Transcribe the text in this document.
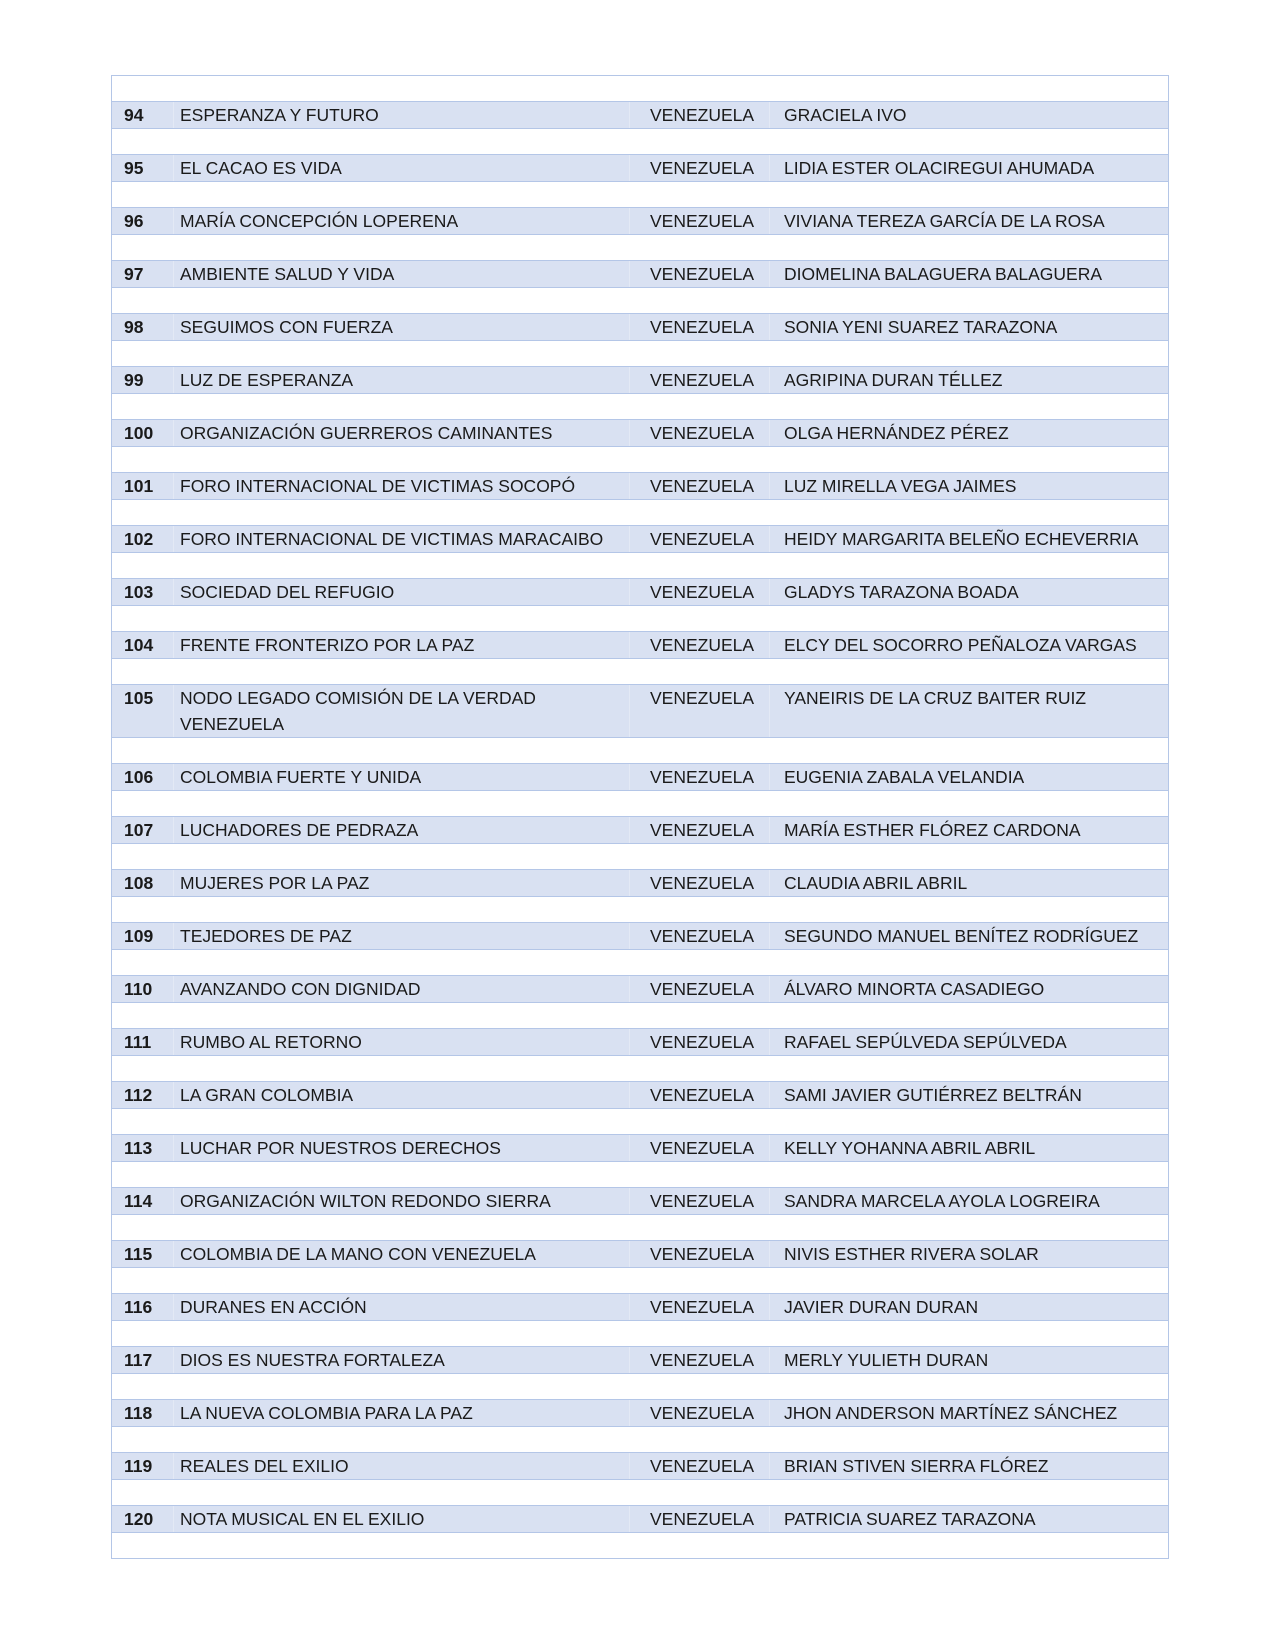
94	ESPERANZA Y FUTURO	VENEZUELA	GRACIELA IVO

95	EL CACAO ES VIDA	VENEZUELA	LIDIA ESTER OLACIREGUI AHUMADA

96	MARÍA CONCEPCIÓN LOPERENA	VENEZUELA	VIVIANA TEREZA GARCÍA DE LA ROSA

97	AMBIENTE SALUD Y VIDA	VENEZUELA	DIOMELINA BALAGUERA BALAGUERA

98	SEGUIMOS CON FUERZA	VENEZUELA	SONIA YENI SUAREZ TARAZONA

99	LUZ DE ESPERANZA	VENEZUELA	AGRIPINA DURAN TÉLLEZ

100	ORGANIZACIÓN GUERREROS CAMINANTES	VENEZUELA	OLGA HERNÁNDEZ PÉREZ

101	FORO INTERNACIONAL DE VICTIMAS SOCOPÓ	VENEZUELA	LUZ MIRELLA VEGA JAIMES

102	FORO INTERNACIONAL DE VICTIMAS MARACAIBO	VENEZUELA	HEIDY MARGARITA BELEÑO ECHEVERRIA

103	SOCIEDAD DEL REFUGIO	VENEZUELA	GLADYS TARAZONA BOADA

104	FRENTE FRONTERIZO POR LA PAZ	VENEZUELA	ELCY DEL SOCORRO PEÑALOZA VARGAS

105	NODO LEGADO COMISIÓN DE LA VERDAD VENEZUELA	VENEZUELA	YANEIRIS DE LA CRUZ BAITER RUIZ

106	COLOMBIA FUERTE Y UNIDA	VENEZUELA	EUGENIA ZABALA VELANDIA

107	LUCHADORES DE PEDRAZA	VENEZUELA	MARÍA ESTHER FLÓREZ CARDONA

108	MUJERES POR LA PAZ	VENEZUELA	CLAUDIA ABRIL ABRIL

109	TEJEDORES DE PAZ	VENEZUELA	SEGUNDO MANUEL BENÍTEZ RODRÍGUEZ

110	AVANZANDO CON DIGNIDAD	VENEZUELA	ÁLVARO MINORTA CASADIEGO

111	RUMBO AL RETORNO	VENEZUELA	RAFAEL SEPÚLVEDA SEPÚLVEDA

112	LA GRAN COLOMBIA	VENEZUELA	SAMI JAVIER GUTIÉRREZ BELTRÁN

113	LUCHAR POR NUESTROS DERECHOS	VENEZUELA	KELLY YOHANNA ABRIL ABRIL

114	ORGANIZACIÓN WILTON REDONDO SIERRA	VENEZUELA	SANDRA MARCELA AYOLA LOGREIRA

115	COLOMBIA DE LA MANO CON VENEZUELA	VENEZUELA	NIVIS ESTHER RIVERA SOLAR

116	DURANES EN ACCIÓN	VENEZUELA	JAVIER DURAN DURAN

117	DIOS ES NUESTRA FORTALEZA	VENEZUELA	MERLY YULIETH DURAN

118	LA NUEVA COLOMBIA PARA LA PAZ	VENEZUELA	JHON ANDERSON MARTÍNEZ SÁNCHEZ

119	REALES DEL EXILIO	VENEZUELA	BRIAN STIVEN SIERRA FLÓREZ

120	NOTA MUSICAL EN EL EXILIO	VENEZUELA	PATRICIA SUAREZ TARAZONA
